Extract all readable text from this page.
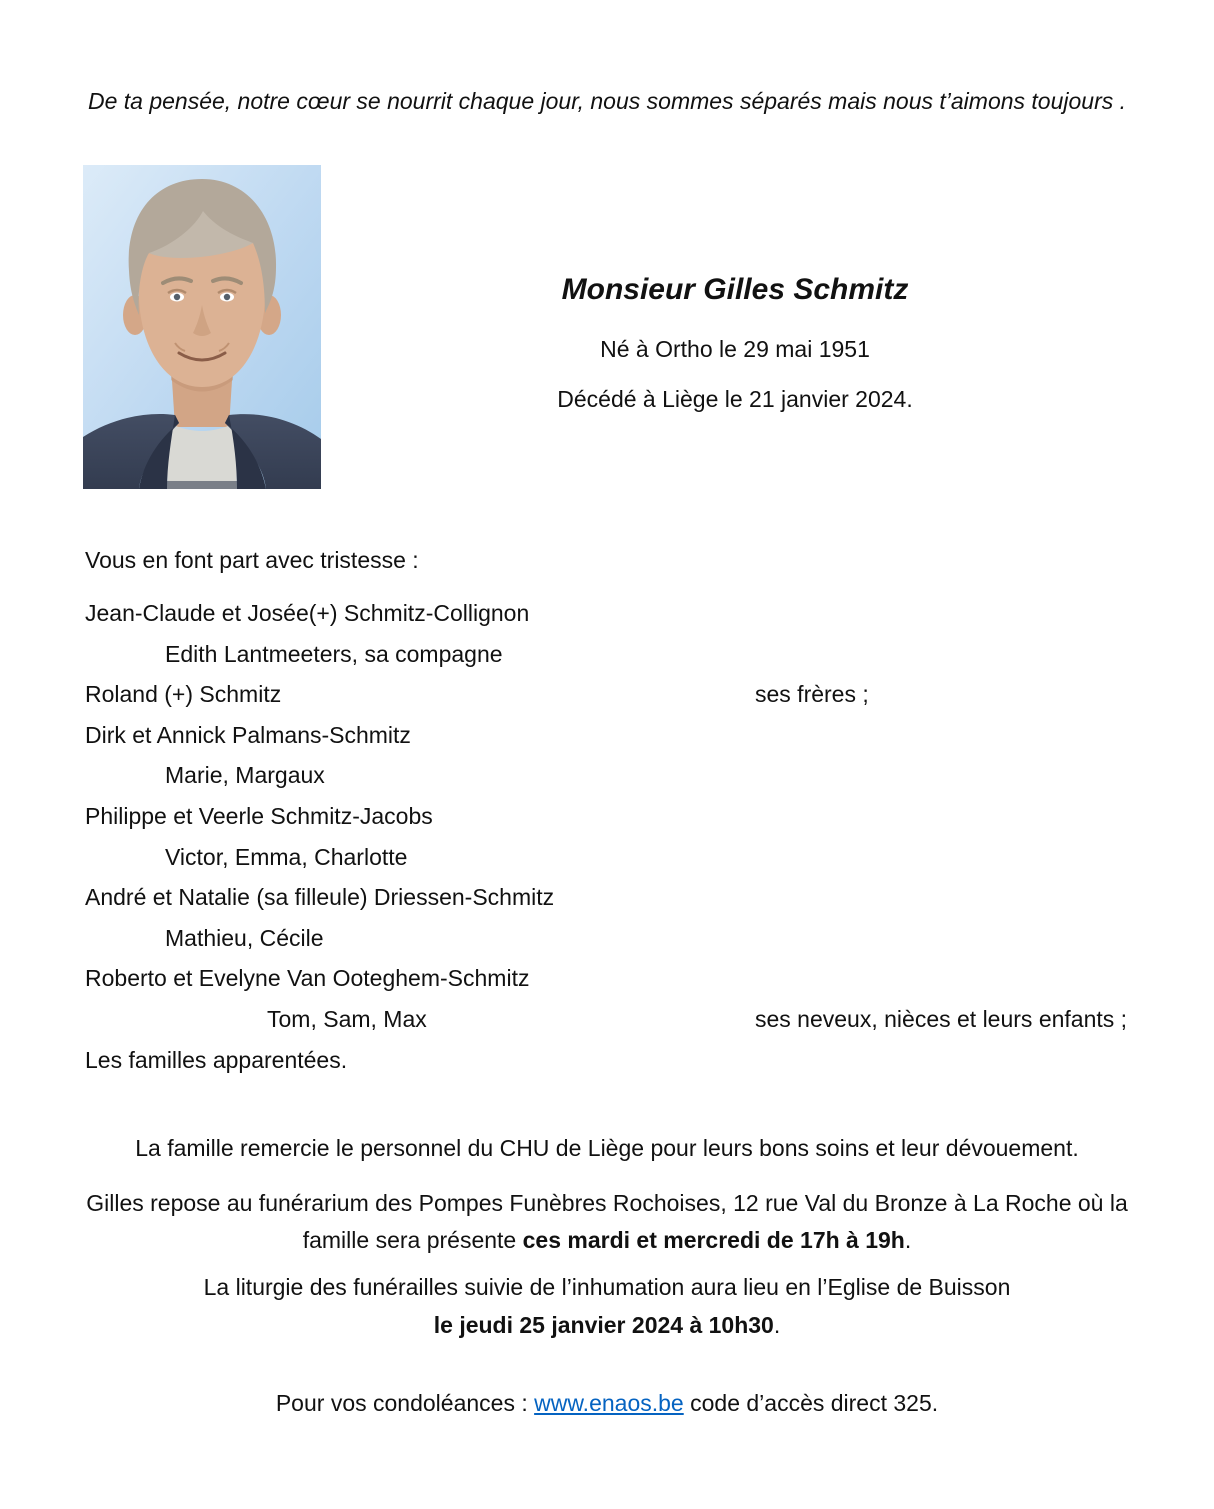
De ta pensée, notre cœur se nourrit chaque jour, nous sommes séparés mais nous t’aimons toujours .
Monsieur Gilles Schmitz
Né à Ortho le 29 mai 1951
Décédé à Liège le 21 janvier 2024.

Vous en font part avec tristesse :

Jean-Claude et Josée(+) Schmitz-Collignon
Edith Lantmeeters, sa compagne
Roland (+) Schmitz	ses frères ;
Dirk et Annick Palmans-Schmitz
Marie, Margaux
Philippe et Veerle Schmitz-Jacobs
Victor, Emma, Charlotte
André et Natalie (sa filleule) Driessen-Schmitz
Mathieu, Cécile
Roberto et Evelyne Van Ooteghem-Schmitz
Tom, Sam, Max	ses neveux, nièces et leurs enfants ;
Les familles apparentées.
La famille remercie le personnel du CHU de Liège pour leurs bons soins et leur dévouement.
Gilles repose au funérarium des Pompes Funèbres Rochoises, 12 rue Val du Bronze à La Roche où la
famille sera présente ces mardi et mercredi de 17h à 19h.
La liturgie des funérailles suivie de l’inhumation aura lieu en l’Eglise de Buisson
le jeudi 25 janvier 2024 à 10h30.
Pour vos condoléances : www.enaos.be code d’accès direct 325.
